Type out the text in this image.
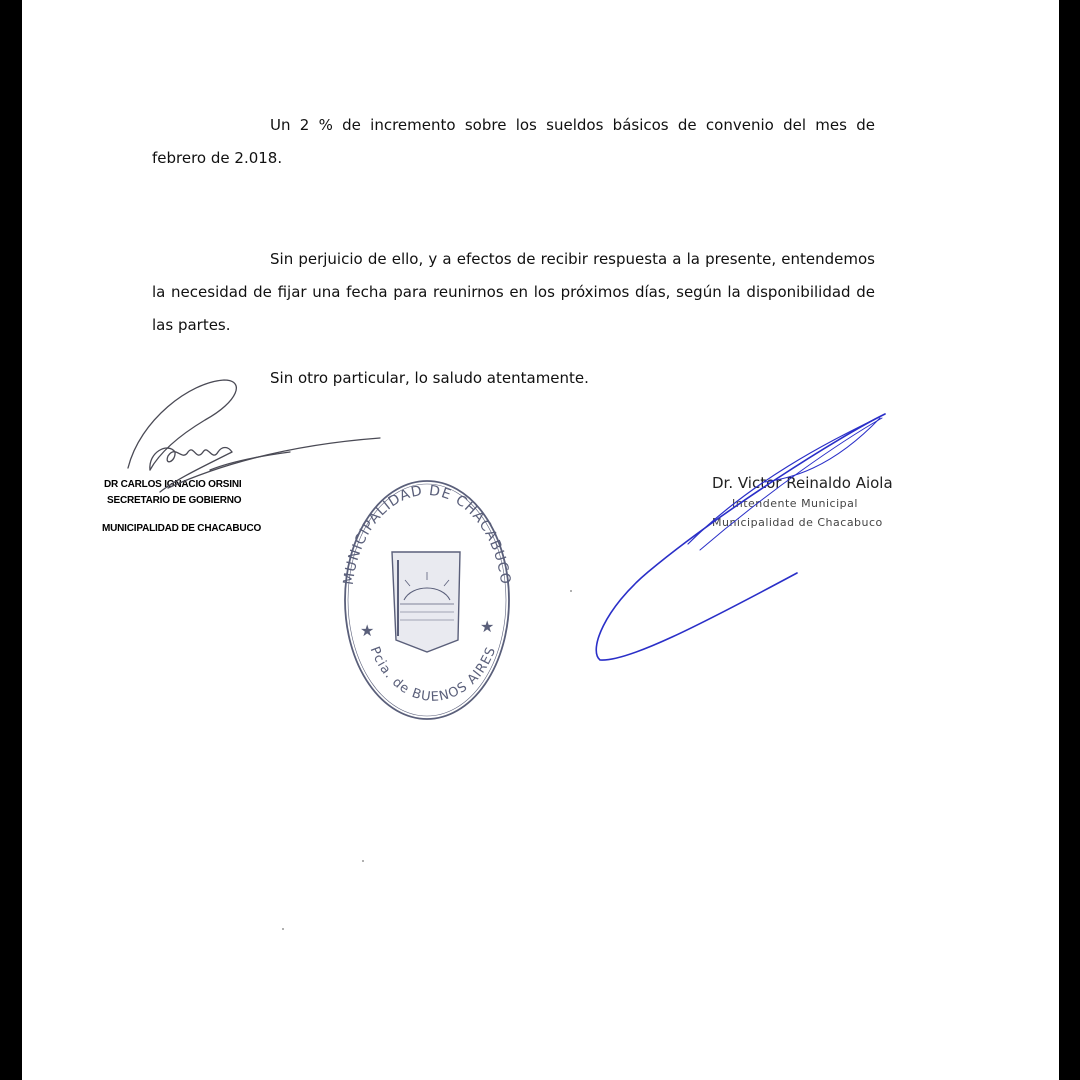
Un 2 % de incremento sobre los sueldos básicos de convenio del mes de febrero de 2.018.
Sin perjuicio de ello, y a efectos de recibir respuesta a la presente, entendemos la necesidad de fijar una fecha para reunirnos en los próximos días, según la disponibilidad de las partes.
Sin otro particular, lo saludo atentamente.
DR CARLOS IGNACIO ORSINI
SECRETARIO DE GOBIERNO
MUNICIPALIDAD DE CHACABUCO
Dr. Victor Reinaldo Aiola
Intendente Municipal
Municipalidad de Chacabuco
MUNICIPALIDAD DE CHACABUCO
Pcia. de BUENOS AIRES
★	★
